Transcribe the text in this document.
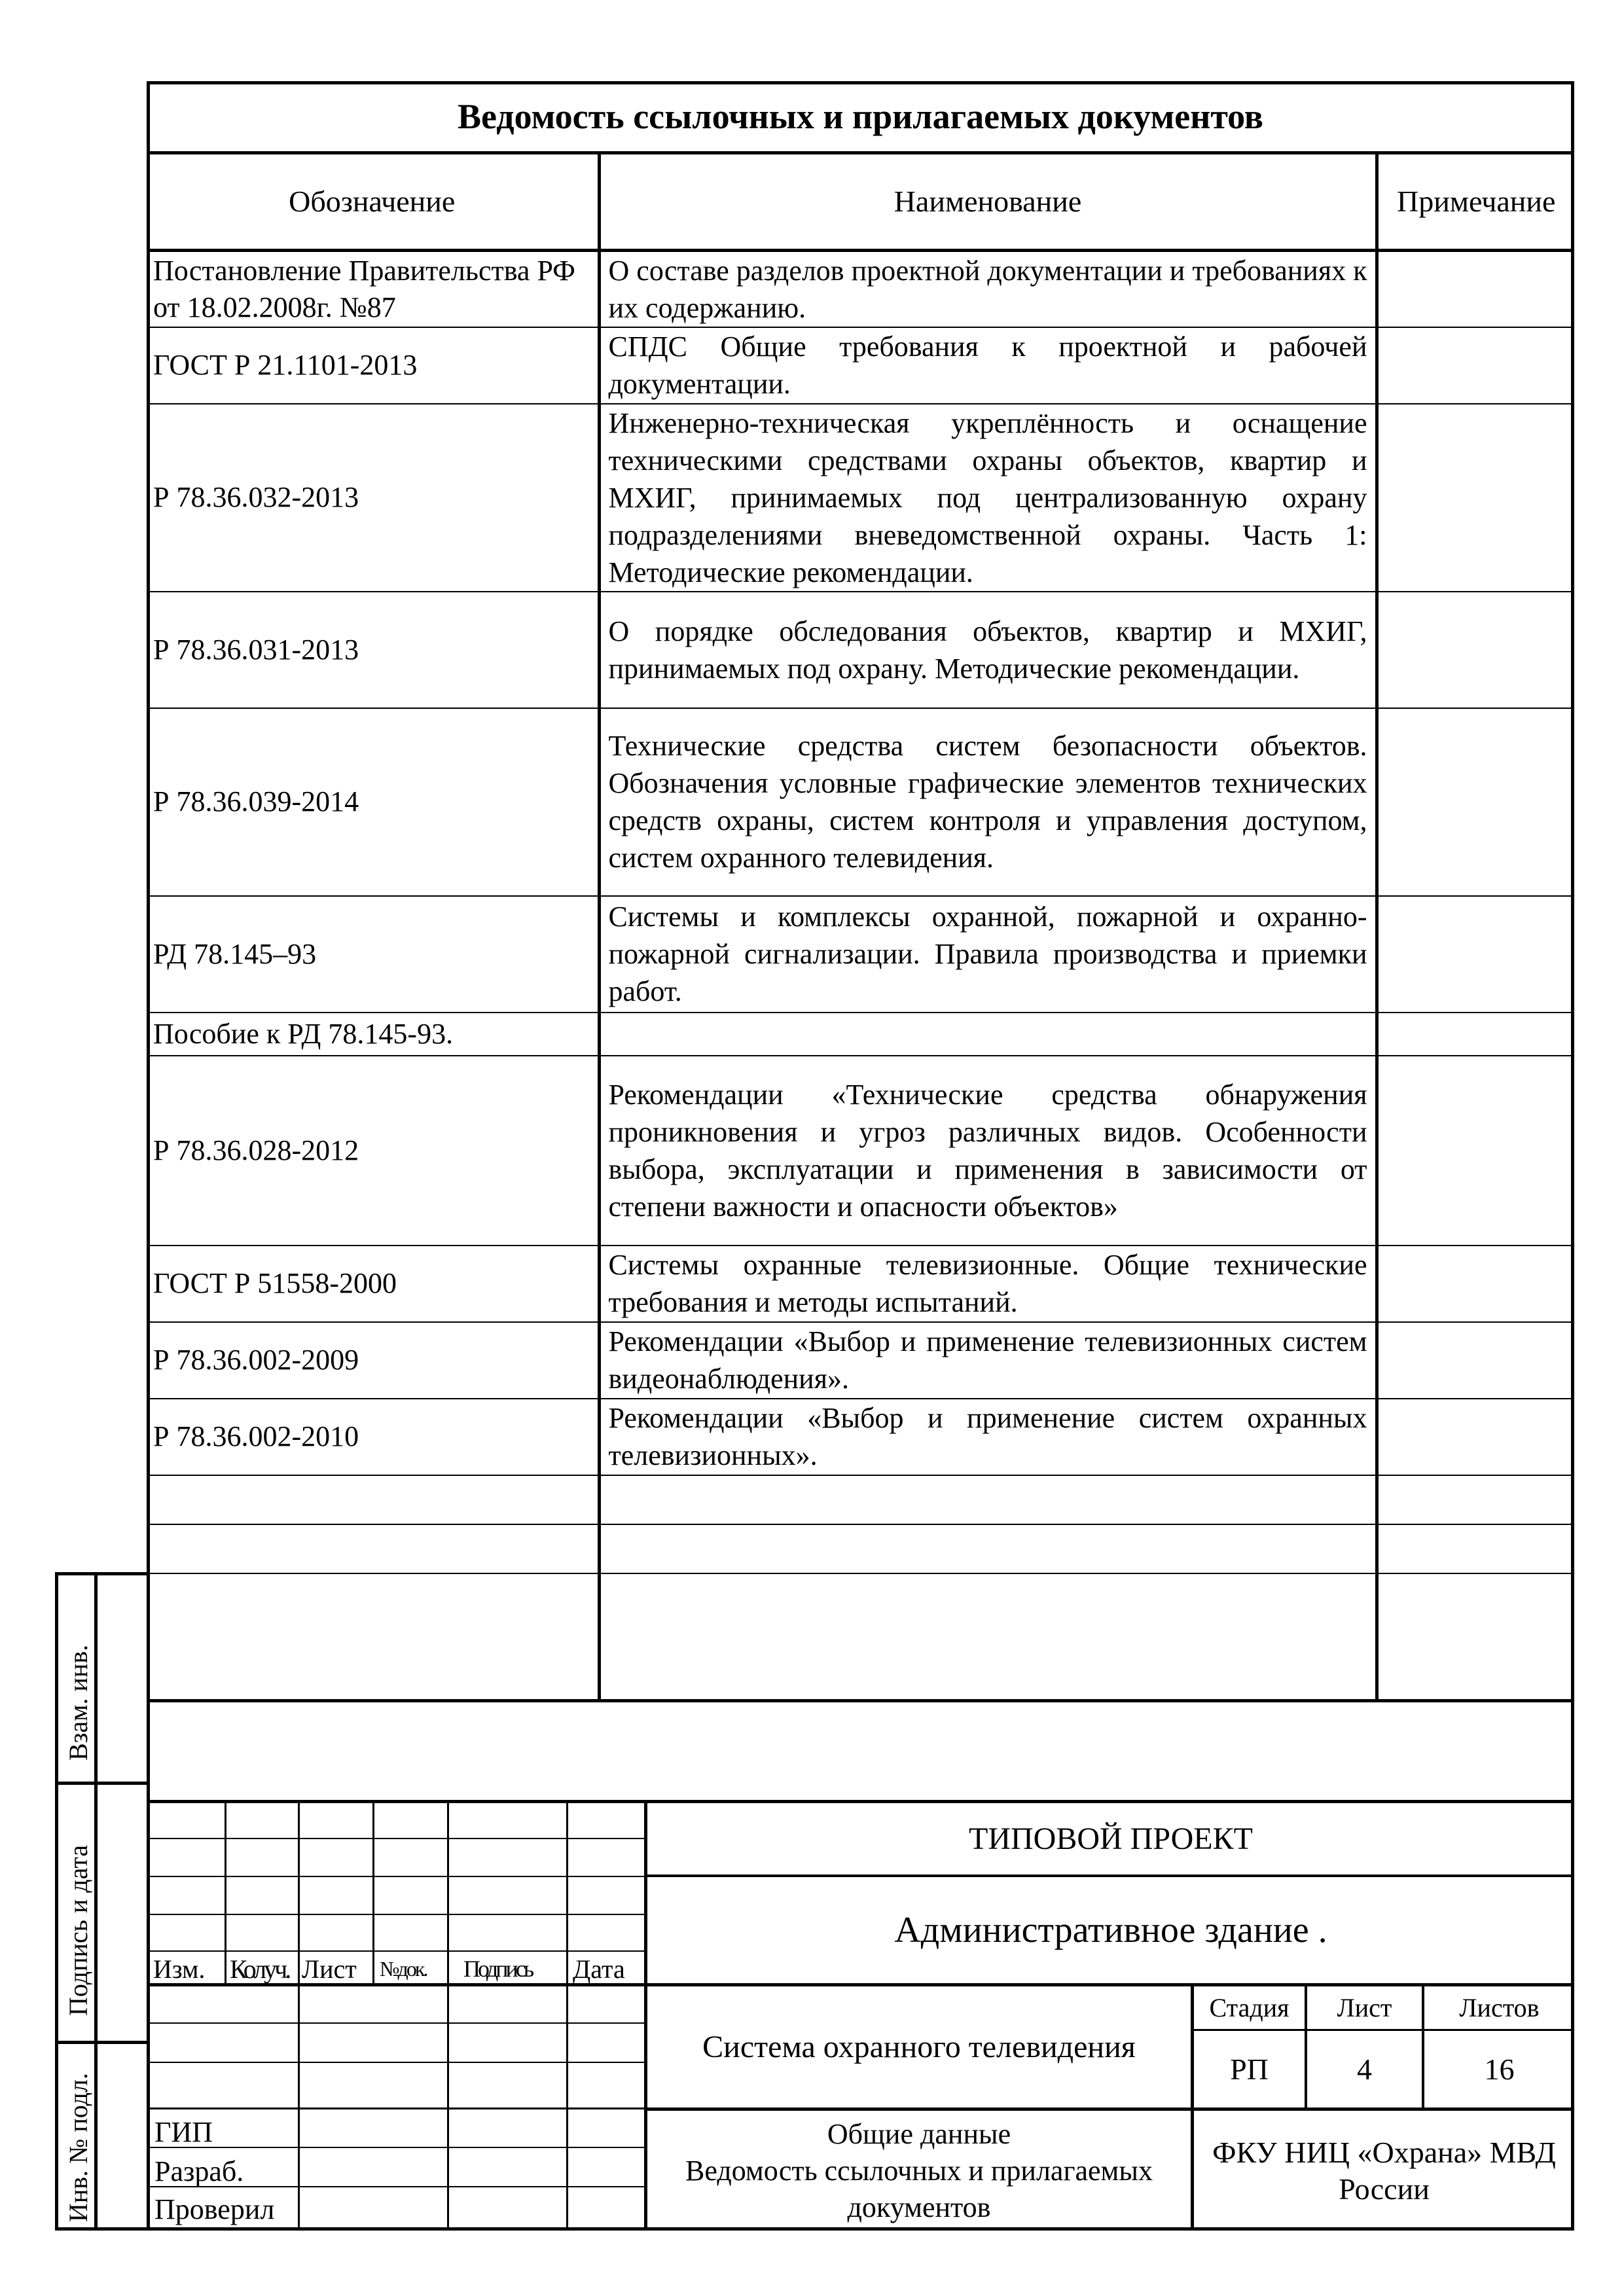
Ведомость ссылочных и прилагаемых документов
Обозначение	Наименование	Примечание
Постановление Правительства РФ от 18.02.2008г. №87	О составе разделов проектной документации и требованиях к их содержанию.	
ГОСТ Р 21.1101-2013	СПДС Общие требования к проектной и рабочей документации.	
Р 78.36.032-2013	Инженерно-техническая укреплённость и оснащение техническими средствами охраны объектов, квартир и МХИГ, принимаемых под централизованную охрану подразделениями вневедомственной охраны. Часть 1: Методические рекомендации.	
Р 78.36.031-2013	О порядке обследования объектов, квартир и МХИГ, принимаемых под охрану. Методические рекомендации.	
Р 78.36.039-2014	Технические средства систем безопасности объектов. Обозначения условные графические элементов технических средств охраны, систем контроля и управления доступом, систем охранного телевидения.	
РД 78.145–93	Системы и комплексы охранной, пожарной и охранно-пожарной сигнализации. Правила производства и приемки работ.	
Пособие к РД 78.145-93.		
Р 78.36.028-2012	Рекомендации «Технические средства обнаружения проникновения и угроз различных видов. Особенности выбора, эксплуатации и применения в зависимости от степени важности и опасности объектов»	
ГОСТ Р 51558-2000	Системы охранные телевизионные. Общие технические требования и методы испытаний.	
Р 78.36.002-2009	Рекомендации «Выбор и применение телевизионных систем видеонаблюдения».	
Р 78.36.002-2010	Рекомендации «Выбор и применение систем охранных телевизионных».	

Взам. инв.
Подпись и дата
Инв. № подл.
Изм. Колуч. Лист №док. Подпись Дата
ГИП
Разраб.
Проверил
ТИПОВОЙ ПРОЕКТ
Административное здание .
Система охранного телевидения
Общие данные
Ведомость ссылочных и прилагаемых документов
Стадия	Лист	Листов
РП	4	16
ФКУ НИЦ «Охрана» МВД России
